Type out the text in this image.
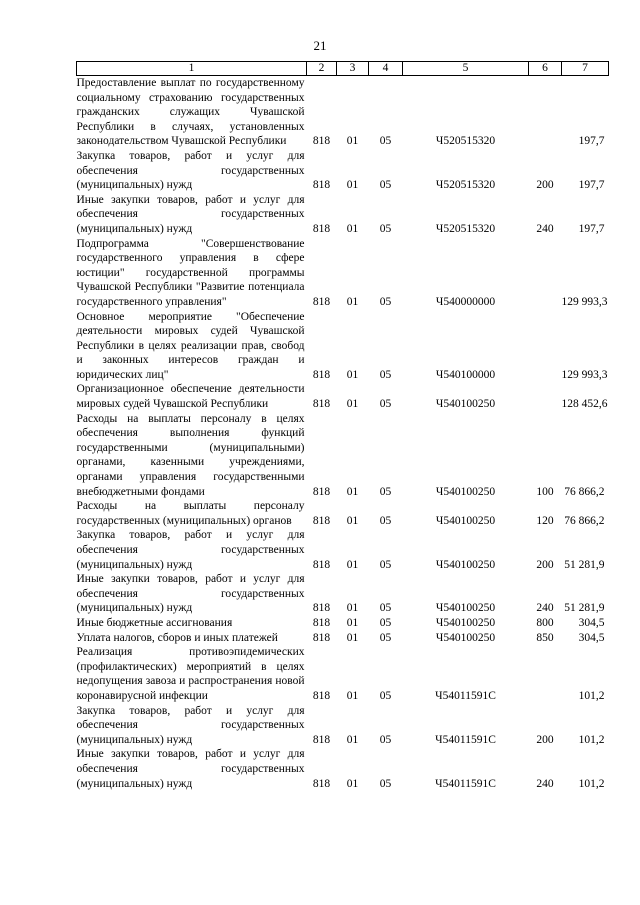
21
1	2	3	4	5	6	7
Предоставление выплат по государственному социальному страхованию государственных гражданских служащих Чувашской Республики в случаях, установленных законодательством Чувашской Республики	818	01	05	Ч520515320		197,7
Закупка товаров, работ и услуг для обеспечения государственных (муниципальных) нужд	818	01	05	Ч520515320	200	197,7
Иные закупки товаров, работ и услуг для обеспечения государственных (муниципальных) нужд	818	01	05	Ч520515320	240	197,7
Подпрограмма "Совершенствование государственного управления в сфере юстиции" государственной программы Чувашской Республики "Развитие потенциала государственного управления"	818	01	05	Ч540000000		129 993,3
Основное мероприятие "Обеспечение деятельности мировых судей Чувашской Республики в целях реализации прав, свобод и законных интересов граждан и юридических лиц"	818	01	05	Ч540100000		129 993,3
Организационное обеспечение деятельности мировых судей Чувашской Республики	818	01	05	Ч540100250		128 452,6
Расходы на выплаты персоналу в целях обеспечения выполнения функций государственными (муниципальными) органами, казенными учреждениями, органами управления государственными внебюджетными фондами	818	01	05	Ч540100250	100	76 866,2
Расходы на выплаты персоналу государственных (муниципальных) органов	818	01	05	Ч540100250	120	76 866,2
Закупка товаров, работ и услуг для обеспечения государственных (муниципальных) нужд	818	01	05	Ч540100250	200	51 281,9
Иные закупки товаров, работ и услуг для обеспечения государственных (муниципальных) нужд	818	01	05	Ч540100250	240	51 281,9
Иные бюджетные ассигнования	818	01	05	Ч540100250	800	304,5
Уплата налогов, сборов и иных платежей	818	01	05	Ч540100250	850	304,5
Реализация противоэпидемических (профилактических) мероприятий в целях недопущения завоза и распространения новой коронавирусной инфекции	818	01	05	Ч54011591С		101,2
Закупка товаров, работ и услуг для обеспечения государственных (муниципальных) нужд	818	01	05	Ч54011591С	200	101,2
Иные закупки товаров, работ и услуг для обеспечения государственных (муниципальных) нужд	818	01	05	Ч54011591С	240	101,2
